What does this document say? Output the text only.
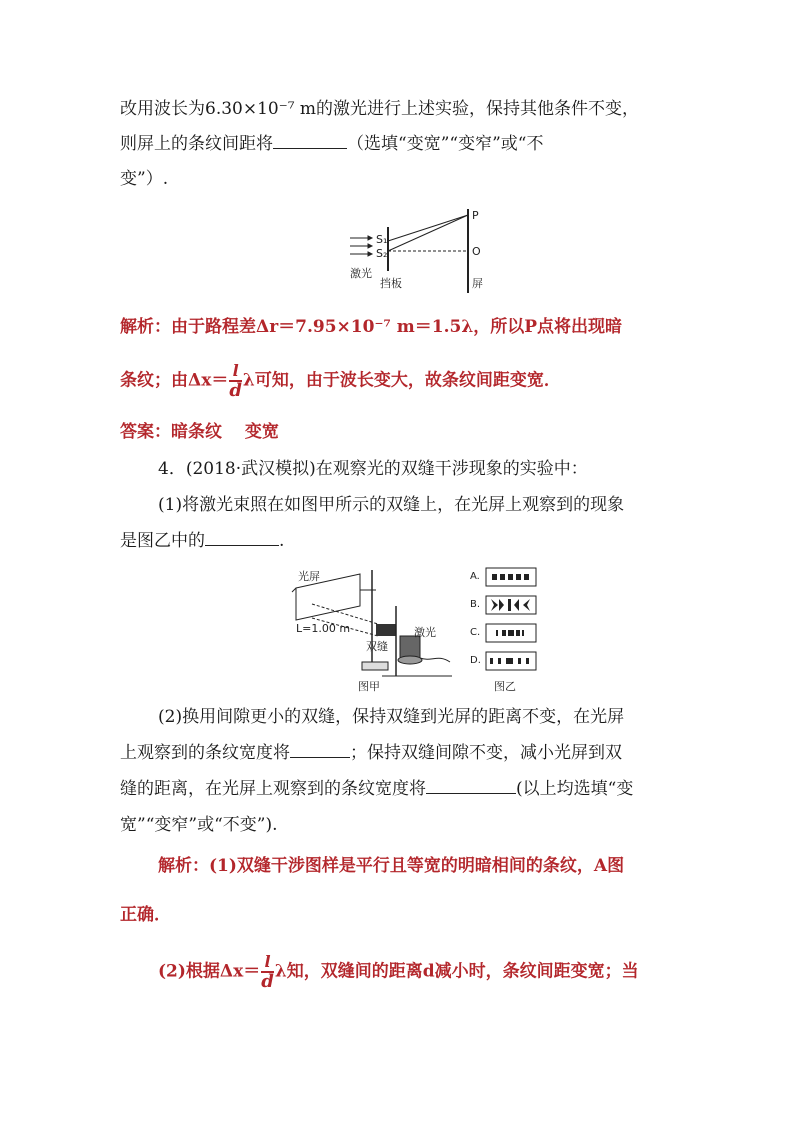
改用波长为6.30×10⁻⁷ m的激光进行上述实验，保持其他条件不变，
则屏上的条纹间距将	（选填“变宽”“变窄”或“不
变”）.
S₁
S₂
P
O
激光
挡板	屏
解析：由于路程差Δr＝7.95×10⁻⁷ m＝1.5λ，所以P点将出现暗
条纹；由$\Delta x= \frac{l}{d}$ λ可知，由于波长变大，故条纹间距变宽．
答案：暗条纹　 变宽
4．(2018·武汉模拟)在观察光的双缝干涉现象的实验中：
(1)将激光束照在如图甲所示的双缝上，在光屏上观察到的现象
是图乙中的	.
光屏
L=1.00 m
双缝
激光
图甲
A.
B.
C.
D.
图乙
(2)换用间隙更小的双缝，保持双缝到光屏的距离不变，在光屏
上观察到的条纹宽度将	；保持双缝间隙不变，减小光屏到双
缝的距离，在光屏上观察到的条纹宽度将	(以上均选填“变
宽”“变窄”或“不变”).
解析：(1)双缝干涉图样是平行且等宽的明暗相间的条纹，A图
正确．
(2)根据$\Delta x= \frac{l}{d}$ λ知，双缝间的距离d减小时，条纹间距变宽；当
